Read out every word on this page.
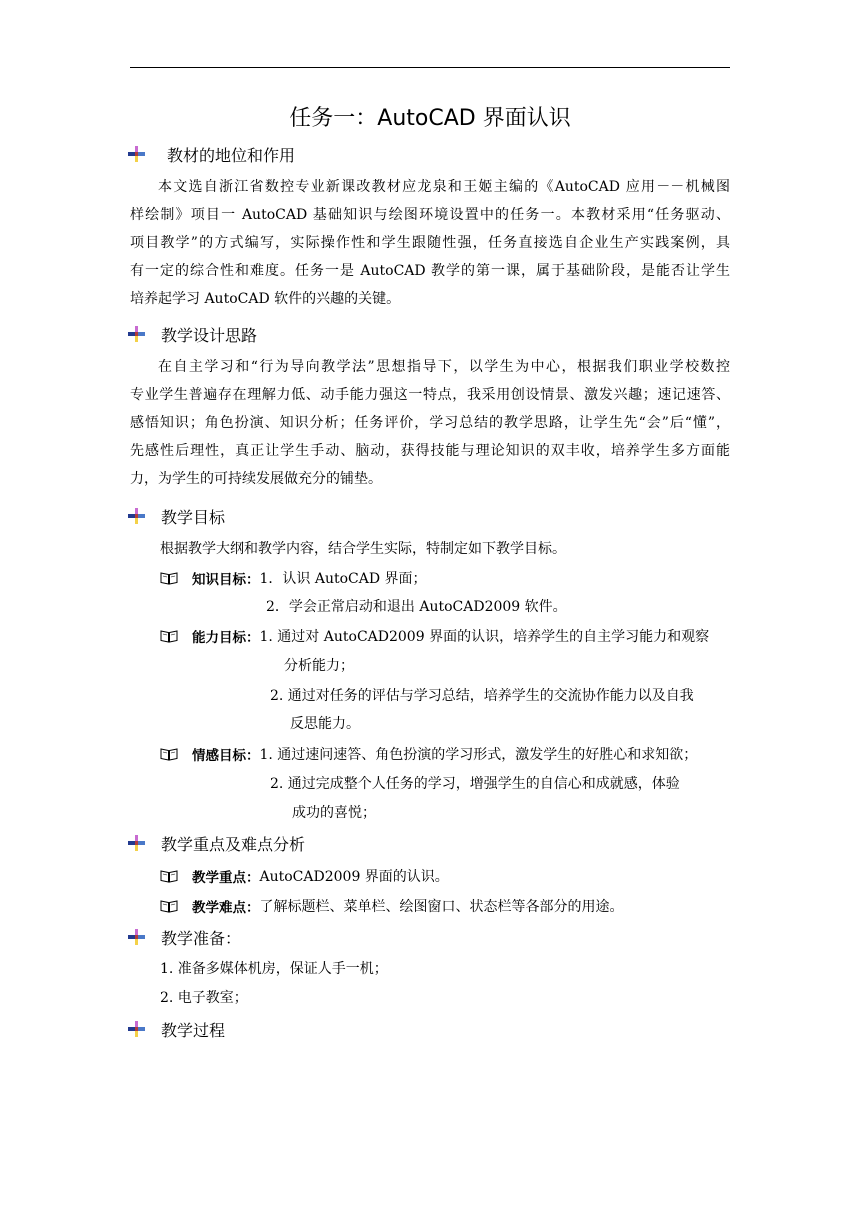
任务一：AutoCAD 界面认识
教材的地位和作用
本文选自浙江省数控专业新课改教材应龙泉和王姬主编的《AutoCAD 应用－－机械图
样绘制》项目一 AutoCAD 基础知识与绘图环境设置中的任务一。本教材采用“任务驱动、
项目教学”的方式编写，实际操作性和学生跟随性强，任务直接选自企业生产实践案例，具
有一定的综合性和难度。任务一是 AutoCAD 教学的第一课，属于基础阶段，是能否让学生
培养起学习 AutoCAD 软件的兴趣的关键。
教学设计思路
在自主学习和“行为导向教学法”思想指导下，以学生为中心，根据我们职业学校数控
专业学生普遍存在理解力低、动手能力强这一特点，我采用创设情景、激发兴趣；速记速答、
感悟知识；角色扮演、知识分析；任务评价，学习总结的教学思路，让学生先“会”后“懂”，
先感性后理性，真正让学生手动、脑动，获得技能与理论知识的双丰收，培养学生多方面能
力，为学生的可持续发展做充分的铺垫。
教学目标
根据教学大纲和教学内容，结合学生实际，特制定如下教学目标。
知识目标： 1．认识 AutoCAD 界面；
2．学会正常启动和退出 AutoCAD2009 软件。
能力目标： 1. 通过对 AutoCAD2009 界面的认识，培养学生的自主学习能力和观察
分析能力；
2. 通过对任务的评估与学习总结，培养学生的交流协作能力以及自我
反思能力。
情感目标： 1. 通过速问速答、角色扮演的学习形式，激发学生的好胜心和求知欲；
2. 通过完成整个人任务的学习，增强学生的自信心和成就感，体验
成功的喜悦；
教学重点及难点分析
教学重点： AutoCAD2009 界面的认识。
教学难点： 了解标题栏、菜单栏、绘图窗口、状态栏等各部分的用途。
教学准备：
1. 准备多媒体机房，保证人手一机；
2. 电子教室；
教学过程
